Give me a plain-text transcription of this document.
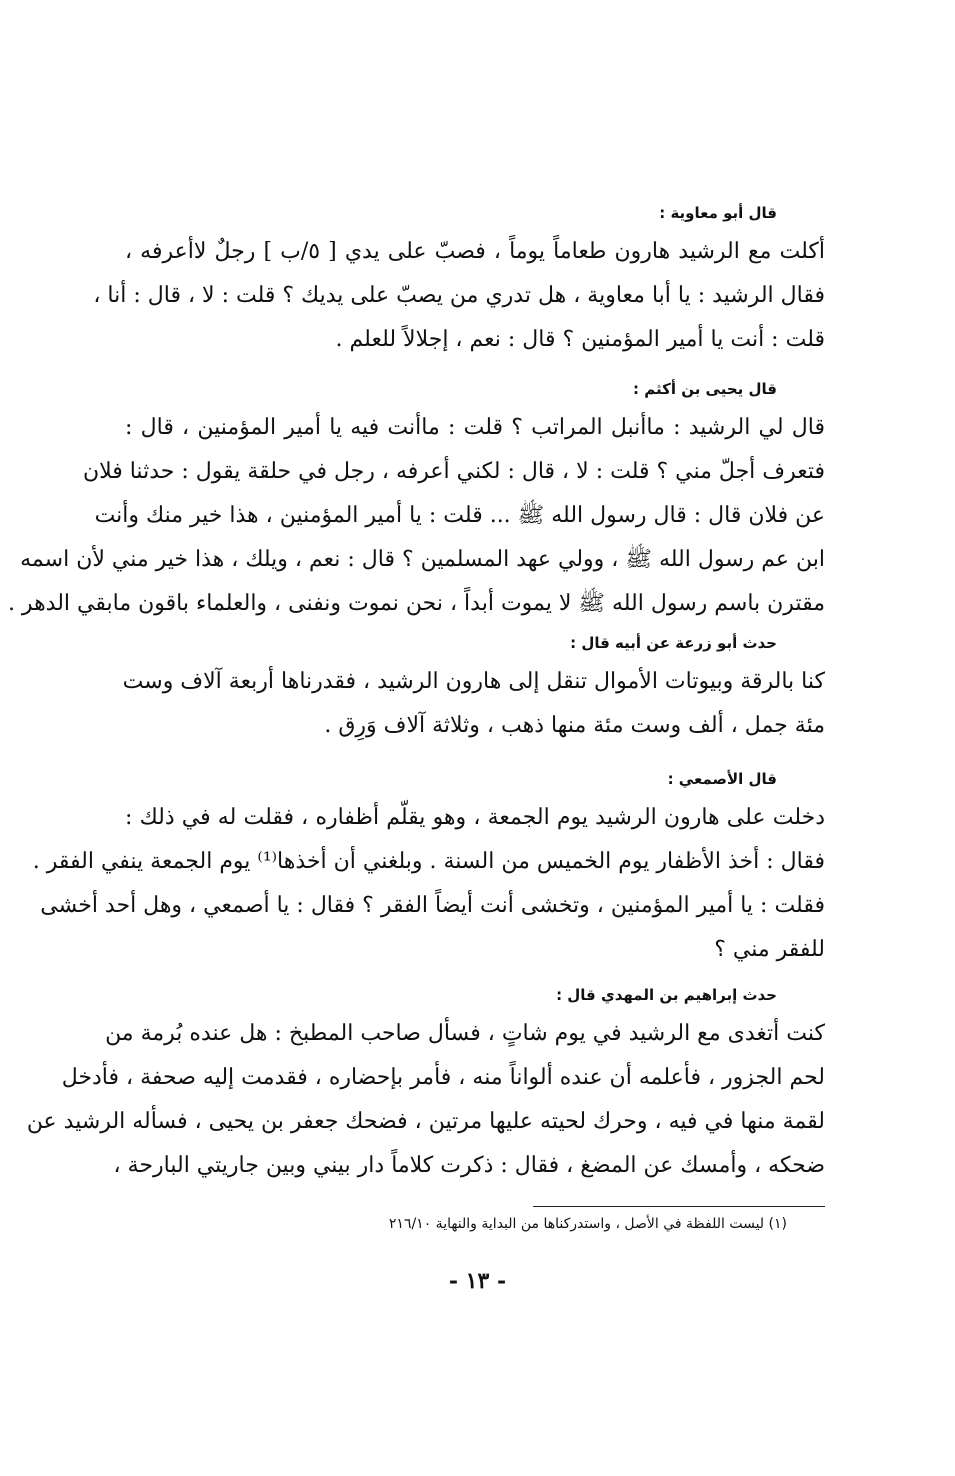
قال أبو معاوية :
أكلت مع الرشيد هارون طعاماً يوماً ، فصبّ على يدي [ ٥/ب ] رجلٌ لاأعرفه ،
فقال الرشيد : يا أبا معاوية ، هل تدري من يصبّ على يديك ؟ قلت : لا ، قال : أنا ،
قلت : أنت يا أمير المؤمنين ؟ قال : نعم ، إجلالاً للعلم .
قال يحيى بن أكثم :
قال لي الرشيد : ماأنبل المراتب ؟ قلت : ماأنت فيه يا أمير المؤمنين ، قال :
فتعرف أجلّ مني ؟ قلت : لا ، قال : لكني أعرفه ، رجل في حلقة يقول : حدثنا فلان
عن فلان قال : قال رسول الله ﷺ ... قلت : يا أمير المؤمنين ، هذا خير منك وأنت
ابن عم رسول الله ﷺ ، وولي عهد المسلمين ؟ قال : نعم ، ويلك ، هذا خير مني لأن اسمه
مقترن باسم رسول الله ﷺ لا يموت أبداً ، نحن نموت ونفنى ، والعلماء باقون مابقي الدهر .
حدث أبو زرعة عن أبيه قال :
كنا بالرقة وبيوتات الأموال تنقل إلى هارون الرشيد ، فقدرناها أربعة آلاف وست
مئة جمل ، ألف وست مئة منها ذهب ، وثلاثة آلاف وَرِق .
قال الأصمعي :
دخلت على هارون الرشيد يوم الجمعة ، وهو يقلّم أظفاره ، فقلت له في ذلك :
فقال : أخذ الأظفار يوم الخميس من السنة . وبلغني أن أخذها⁽¹⁾ يوم الجمعة ينفي الفقر .
فقلت : يا أمير المؤمنين ، وتخشى أنت أيضاً الفقر ؟ فقال : يا أصمعي ، وهل أحد أخشى
للفقر مني ؟
حدث إبراهيم بن المهدي قال :
كنت أتغدى مع الرشيد في يوم شاتٍ ، فسأل صاحب المطبخ : هل عنده بُرمة من
لحم الجزور ، فأعلمه أن عنده ألواناً منه ، فأمر بإحضاره ، فقدمت إليه صحفة ، فأدخل
لقمة منها في فيه ، وحرك لحيته عليها مرتين ، فضحك جعفر بن يحيى ، فسأله الرشيد عن
ضحكه ، وأمسك عن المضغ ، فقال : ذكرت كلاماً دار بيني وبين جاريتي البارحة ،
(١) ليست اللفظة في الأصل ، واستدركناها من البداية والنهاية ٢١٦/١٠
- ١٣ -
